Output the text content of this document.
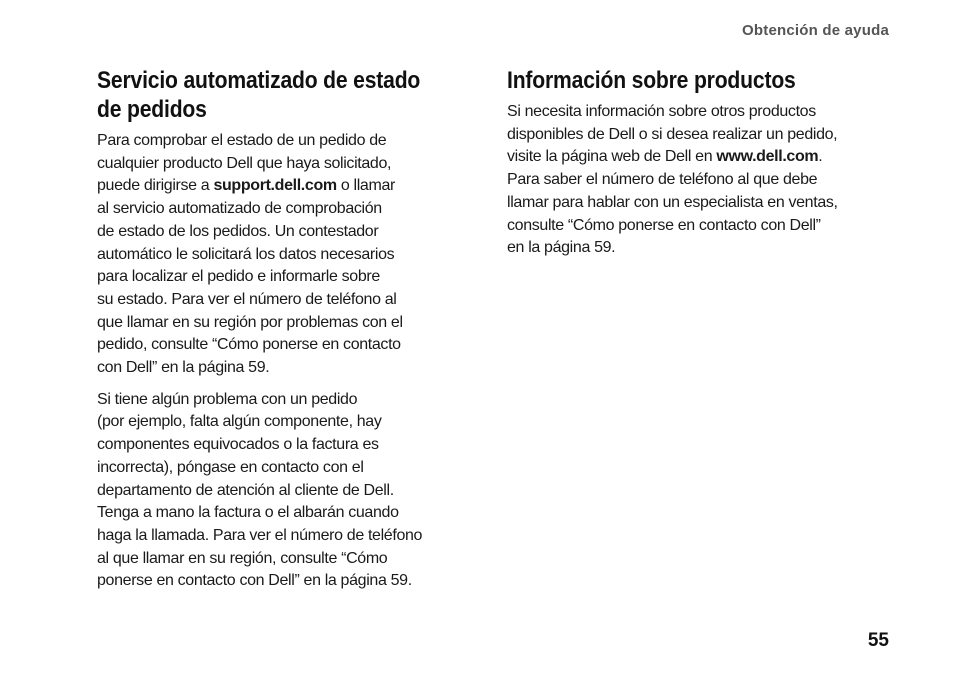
Obtención de ayuda
Servicio automatizado de estado
de pedidos

Para comprobar el estado de un pedido de
cualquier producto Dell que haya solicitado,
puede dirigirse a support.dell.com o llamar
al servicio automatizado de comprobación
de estado de los pedidos. Un contestador
automático le solicitará los datos necesarios
para localizar el pedido e informarle sobre
su estado. Para ver el número de teléfono al
que llamar en su región por problemas con el
pedido, consulte “Cómo ponerse en contacto
con Dell” en la página 59.

Si tiene algún problema con un pedido
(por ejemplo, falta algún componente, hay
componentes equivocados o la factura es
incorrecta), póngase en contacto con el
departamento de atención al cliente de Dell.
Tenga a mano la factura o el albarán cuando
haga la llamada. Para ver el número de teléfono
al que llamar en su región, consulte “Cómo
ponerse en contacto con Dell” en la página 59.

Información sobre productos

Si necesita información sobre otros productos
disponibles de Dell o si desea realizar un pedido,
visite la página web de Dell en www.dell.com.
Para saber el número de teléfono al que debe
llamar para hablar con un especialista en ventas,
consulte “Cómo ponerse en contacto con Dell”
en la página 59.

55
